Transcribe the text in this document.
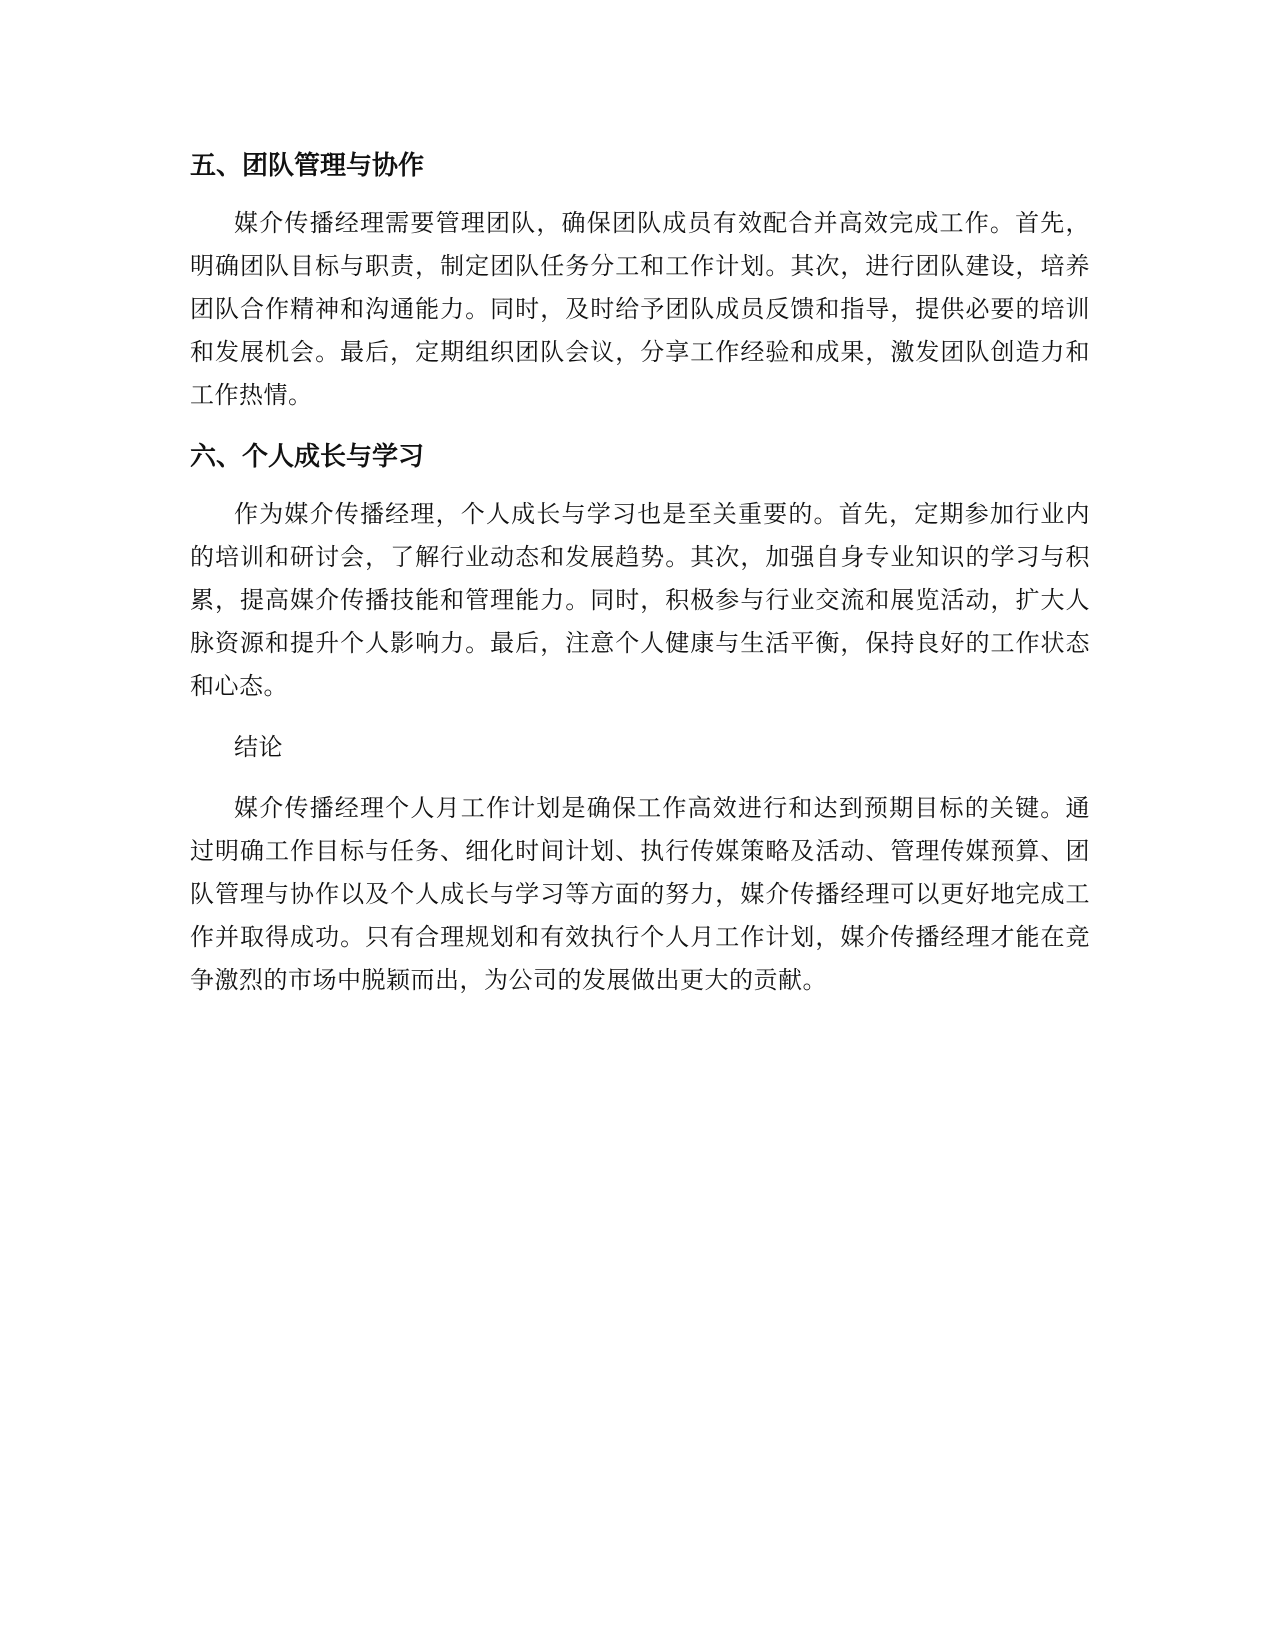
五、团队管理与协作

媒介传播经理需要管理团队，确保团队成员有效配合并高效完成工作。首先，明确团队目标与职责，制定团队任务分工和工作计划。其次，进行团队建设，培养团队合作精神和沟通能力。同时，及时给予团队成员反馈和指导，提供必要的培训和发展机会。最后，定期组织团队会议，分享工作经验和成果，激发团队创造力和工作热情。

六、个人成长与学习

作为媒介传播经理，个人成长与学习也是至关重要的。首先，定期参加行业内的培训和研讨会，了解行业动态和发展趋势。其次，加强自身专业知识的学习与积累，提高媒介传播技能和管理能力。同时，积极参与行业交流和展览活动，扩大人脉资源和提升个人影响力。最后，注意个人健康与生活平衡，保持良好的工作状态和心态。

结论

媒介传播经理个人月工作计划是确保工作高效进行和达到预期目标的关键。通过明确工作目标与任务、细化时间计划、执行传媒策略及活动、管理传媒预算、团队管理与协作以及个人成长与学习等方面的努力，媒介传播经理可以更好地完成工作并取得成功。只有合理规划和有效执行个人月工作计划，媒介传播经理才能在竞争激烈的市场中脱颖而出，为公司的发展做出更大的贡献。
